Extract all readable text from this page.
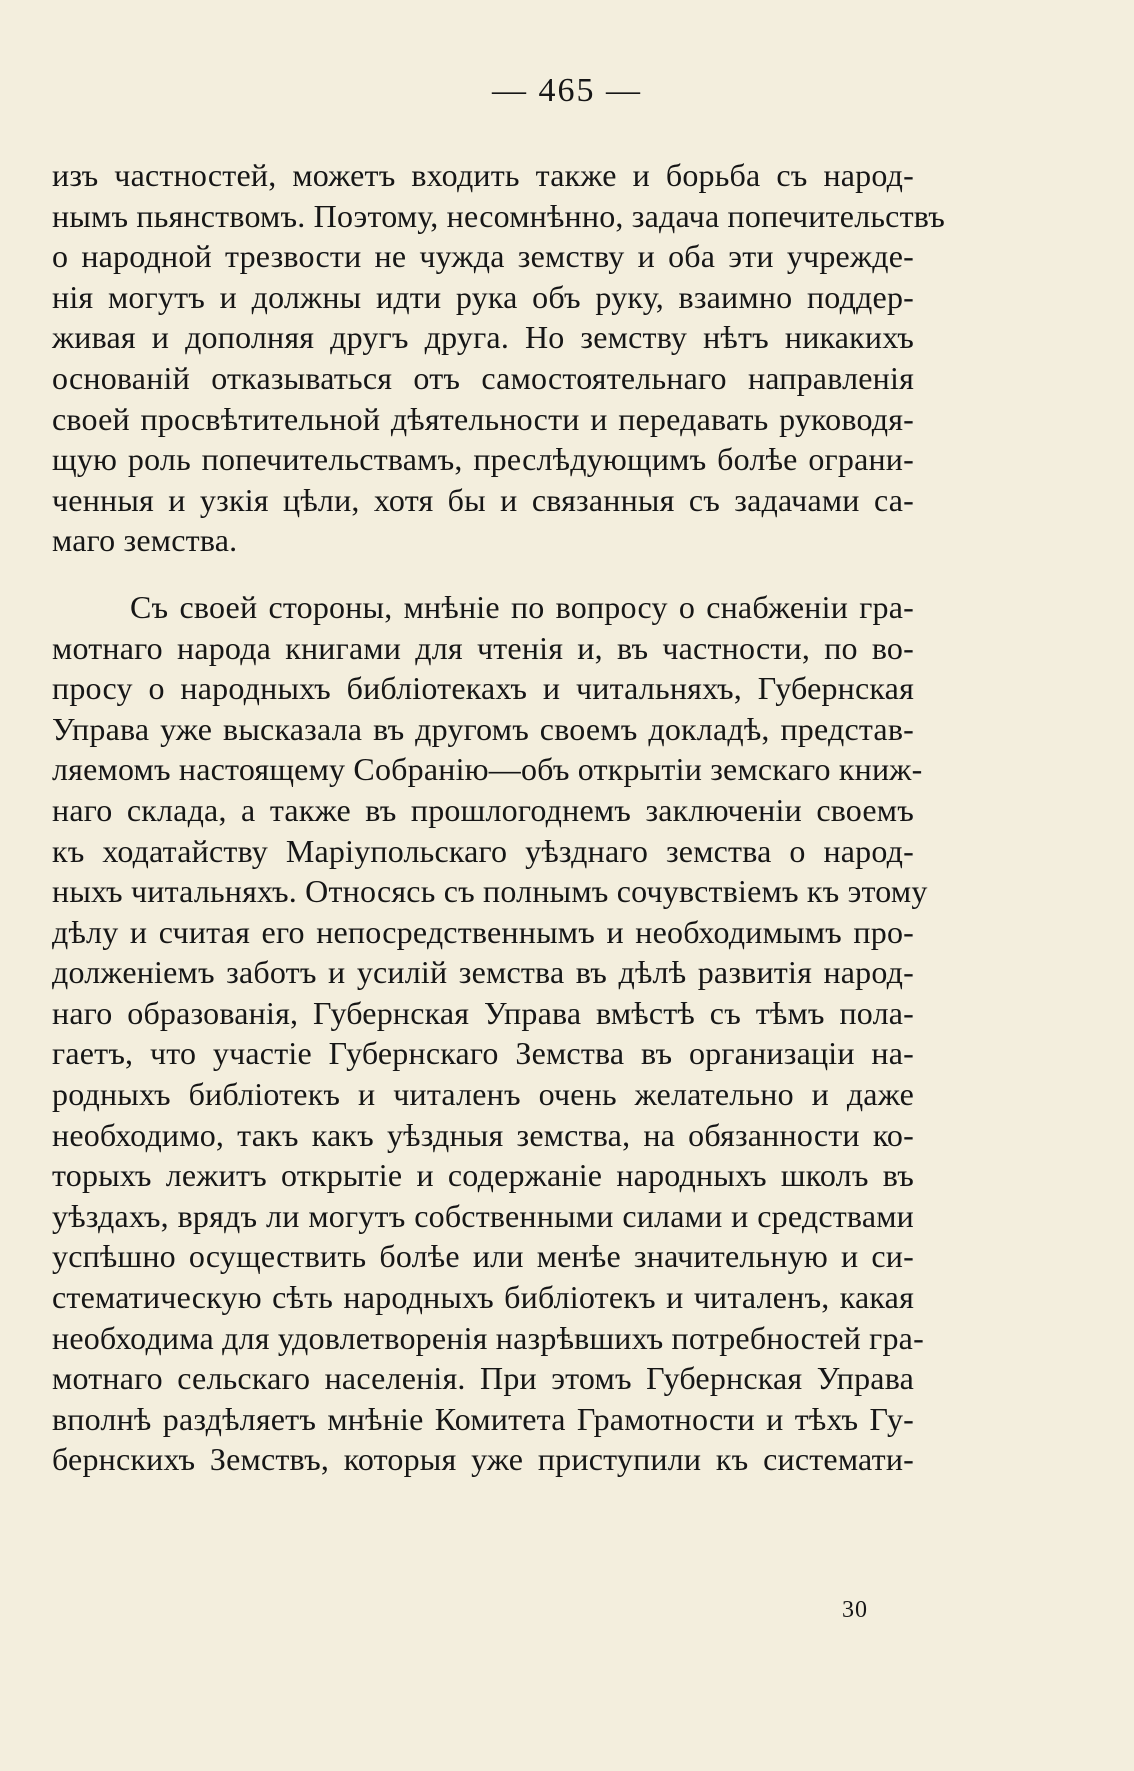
— 465 —
изъ частностей, можетъ входить также и борьба съ народ-
нымъ пьянствомъ. Поэтому, несомнѣнно, задача попечительствъ
о народной трезвости не чужда земству и оба эти учрежде-
нія могутъ и должны идти рука объ руку, взаимно поддер-
живая и дополняя другъ друга. Но земству нѣтъ никакихъ
основаній отказываться отъ самостоятельнаго направленія
своей просвѣтительной дѣятельности и передавать руководя-
щую роль попечительствамъ, преслѣдующимъ болѣе ограни-
ченныя и узкія цѣли, хотя бы и связанныя съ задачами са-
маго земства.
Съ своей стороны, мнѣніе по вопросу о снабженіи гра-
мотнаго народа книгами для чтенія и, въ частности, по во-
просу о народныхъ библіотекахъ и читальняхъ, Губернская
Управа уже высказала въ другомъ своемъ докладѣ, представ-
ляемомъ настоящему Собранію—объ открытіи земскаго книж-
наго склада, а также въ прошлогоднемъ заключеніи своемъ
къ ходатайству Маріупольскаго уѣзднаго земства о народ-
ныхъ читальняхъ. Относясь съ полнымъ сочувствіемъ къ этому
дѣлу и считая его непосредственнымъ и необходимымъ про-
долженіемъ заботъ и усилій земства въ дѣлѣ развитія народ-
наго образованія, Губернская Управа вмѣстѣ съ тѣмъ пола-
гаетъ, что участіе Губернскаго Земства въ организаціи на-
родныхъ библіотекъ и читаленъ очень желательно и даже
необходимо, такъ какъ уѣздныя земства, на обязанности ко-
торыхъ лежитъ открытіе и содержаніе народныхъ школъ въ
уѣздахъ, врядъ ли могутъ собственными силами и средствами
успѣшно осуществить болѣе или менѣе значительную и си-
стематическую сѣть народныхъ библіотекъ и читаленъ, какая
необходима для удовлетворенія назрѣвшихъ потребностей гра-
мотнаго сельскаго населенія. При этомъ Губернская Управа
вполнѣ раздѣляетъ мнѣніе Комитета Грамотности и тѣхъ Гу-
бернскихъ Земствъ, которыя уже приступили къ системати-
30
